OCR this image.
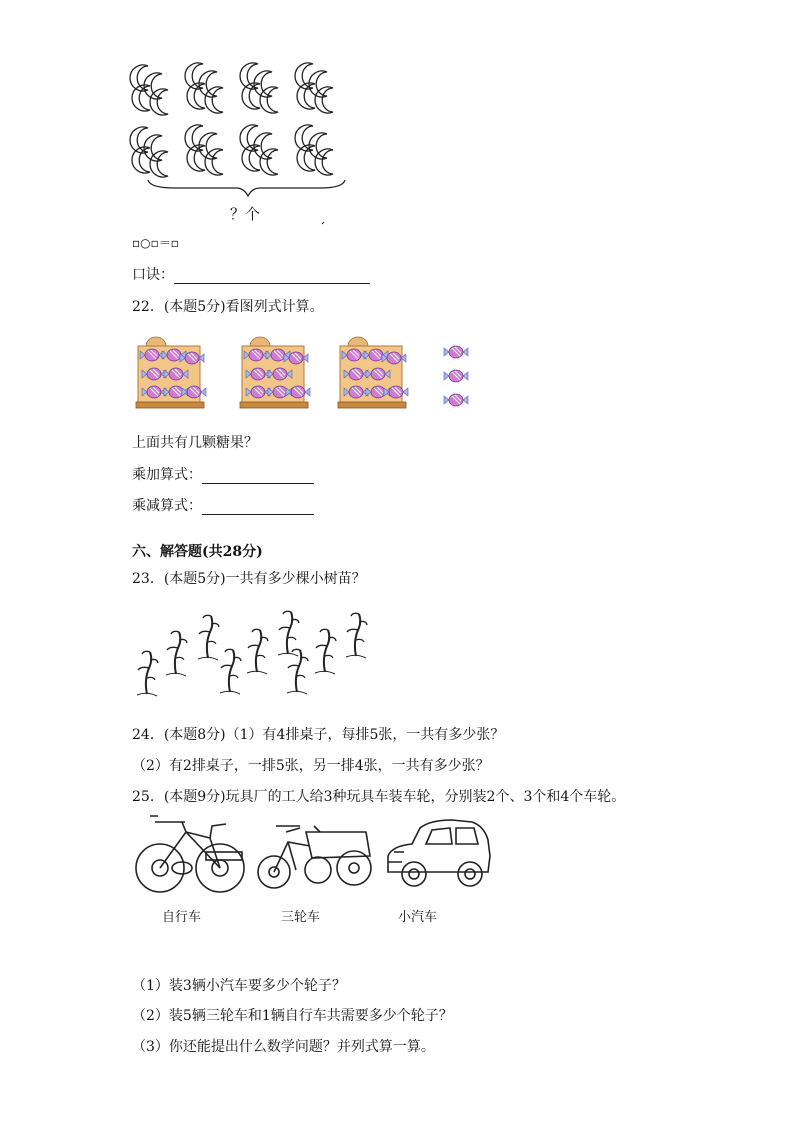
？个
▫○▫＝▫
口诀：
22．(本题5分)看图列式计算。
上面共有几颗糖果？
乘加算式：
乘减算式：
六、解答题(共28分)
23．(本题5分)一共有多少棵小树苗？
24．(本题8分)（1）有4排桌子，每排5张，一共有多少张？
（2）有2排桌子，一排5张，另一排4张，一共有多少张？
25．(本题9分)玩具厂的工人给3种玩具车装车轮，分别装2个、3个和4个车轮。
自行车	三轮车	小汽车
（1）装3辆小汽车要多少个轮子？
（2）装5辆三轮车和1辆自行车共需要多少个轮子？
（3）你还能提出什么数学问题？并列式算一算。
